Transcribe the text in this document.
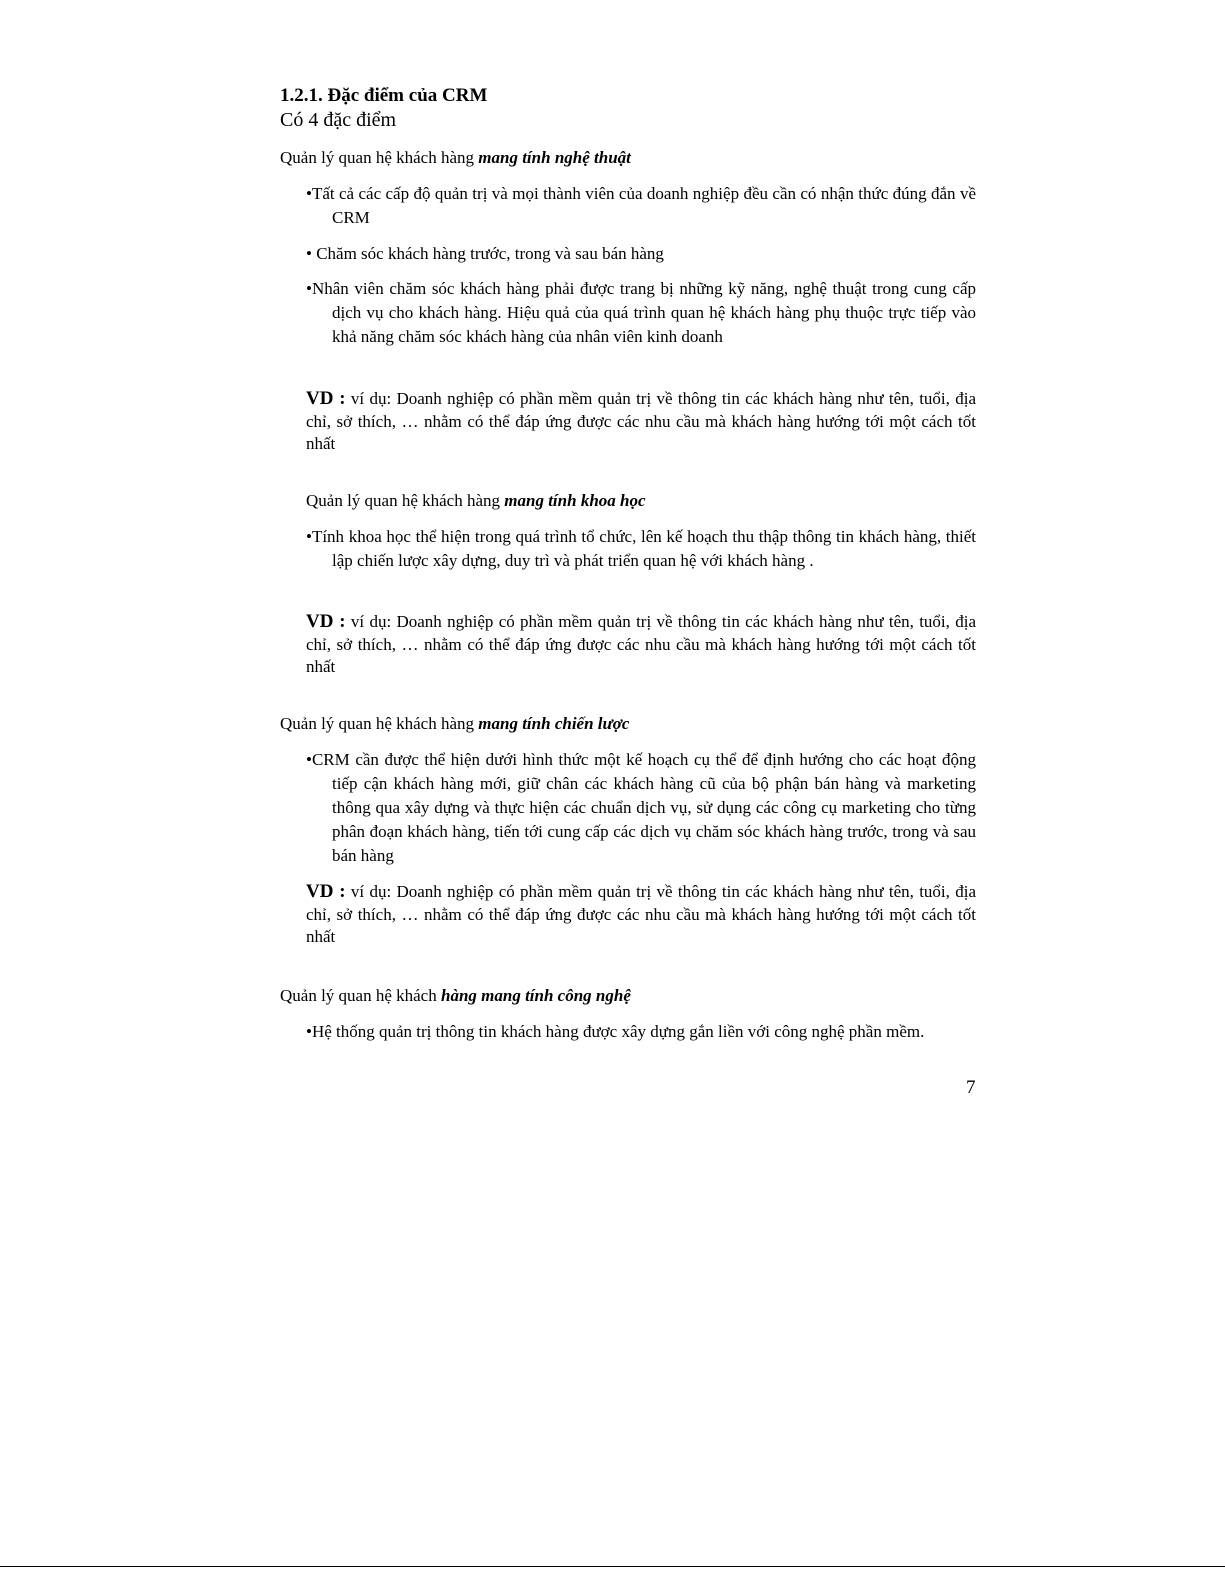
1.2.1. Đặc điểm của CRM
Có 4 đặc điểm
Quản lý quan hệ khách hàng mang tính nghệ thuật
•Tất cả các cấp độ quản trị và mọi thành viên của doanh nghiệp đều cần có nhận thức đúng đắn về CRM
• Chăm sóc khách hàng trước, trong và sau bán hàng
•Nhân viên chăm sóc khách hàng phải được trang bị những kỹ năng, nghệ thuật trong cung cấp dịch vụ cho khách hàng. Hiệu quả của quá trình quan hệ khách hàng phụ thuộc trực tiếp vào khả năng chăm sóc khách hàng của nhân viên kinh doanh
VD : ví dụ: Doanh nghiệp có phần mềm quản trị về thông tin các khách hàng như tên, tuổi, địa chỉ, sở thích, … nhằm có thể đáp ứng được các nhu cầu mà khách hàng hướng tới một cách tốt nhất
Quản lý quan hệ khách hàng mang tính khoa học
•Tính khoa học thể hiện trong quá trình tổ chức, lên kế hoạch thu thập thông tin khách hàng, thiết lập chiến lược xây dựng, duy trì và phát triển quan hệ với khách hàng .
VD : ví dụ: Doanh nghiệp có phần mềm quản trị về thông tin các khách hàng như tên, tuổi, địa chỉ, sở thích, … nhằm có thể đáp ứng được các nhu cầu mà khách hàng hướng tới một cách tốt nhất
Quản lý quan hệ khách hàng mang tính chiến lược
•CRM cần được thể hiện dưới hình thức một kế hoạch cụ thể để định hướng cho các hoạt động tiếp cận khách hàng mới, giữ chân các khách hàng cũ của bộ phận bán hàng và marketing thông qua xây dựng và thực hiện các chuẩn dịch vụ, sử dụng các công cụ marketing cho từng phân đoạn khách hàng, tiến tới cung cấp các dịch vụ chăm sóc khách hàng trước, trong và sau bán hàng
VD : ví dụ: Doanh nghiệp có phần mềm quản trị về thông tin các khách hàng như tên, tuổi, địa chỉ, sở thích, … nhằm có thể đáp ứng được các nhu cầu mà khách hàng hướng tới một cách tốt nhất
Quản lý quan hệ khách hàng mang tính công nghệ
•Hệ thống quản trị thông tin khách hàng được xây dựng gắn liền với công nghệ phần mềm.
7
